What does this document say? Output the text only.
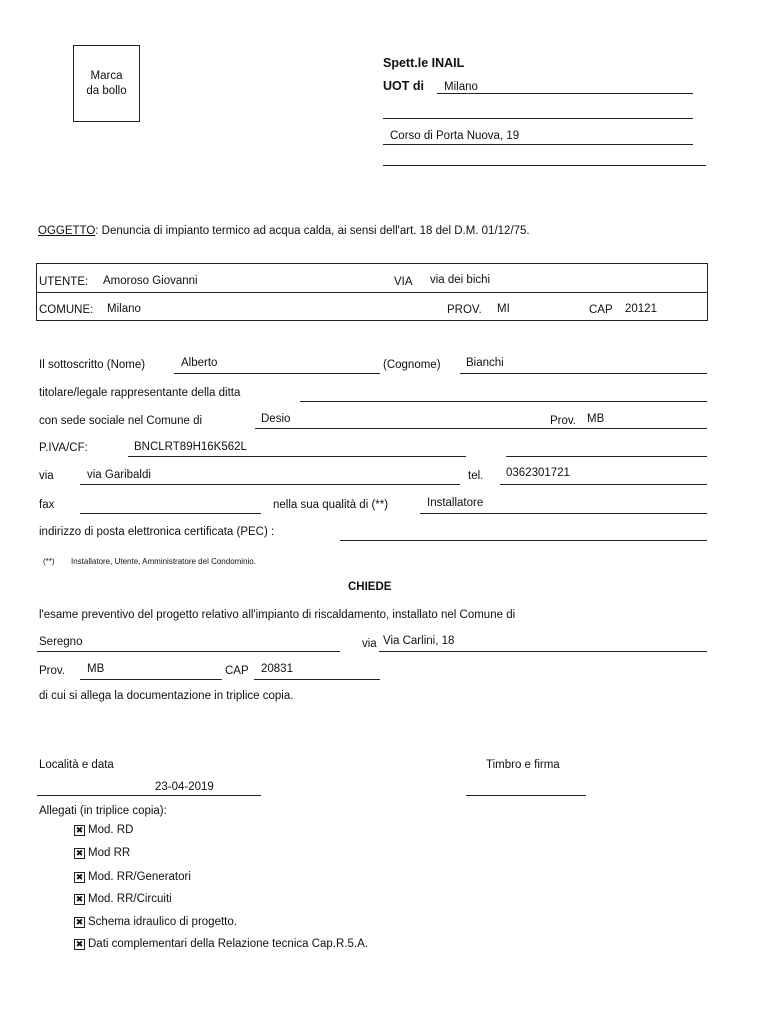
Marca
da bollo
Spett.le INAIL
UOT di Milano
Corso di Porta Nuova, 19
OGGETTO: Denuncia di impianto termico ad acqua calda, ai sensi dell'art. 18 del D.M. 01/12/75.
UTENTE: Amoroso Giovanni	VIA via dei bichi
COMUNE: Milano	PROV. MI	CAP 20121
Il sottoscritto (Nome)	Alberto	(Cognome) Bianchi
titolare/legale rappresentante della ditta
con sede sociale nel Comune di	Desio	Prov. MB
P.IVA/CF:	BNCLRT89H16K562L
via	via Garibaldi	tel. 0362301721
fax	nella sua qualità di (**)	Installatore
indirizzo di posta elettronica certificata (PEC) :
(**) Installatore, Utente, Amministratore del Condominio.
CHIEDE
l'esame preventivo del progetto relativo all'impianto di riscaldamento, installato nel Comune di
Seregno	via Via Carlini, 18
Prov. MB	CAP 20831
di cui si allega la documentazione in triplice copia.
Località e data
23-04-2019
Timbro e firma
Allegati (in triplice copia):
✖ Mod. RD
✖ Mod RR
✖ Mod. RR/Generatori
✖ Mod. RR/Circuiti
✖ Schema idraulico di progetto.
✖ Dati complementari della Relazione tecnica Cap.R.5.A.
